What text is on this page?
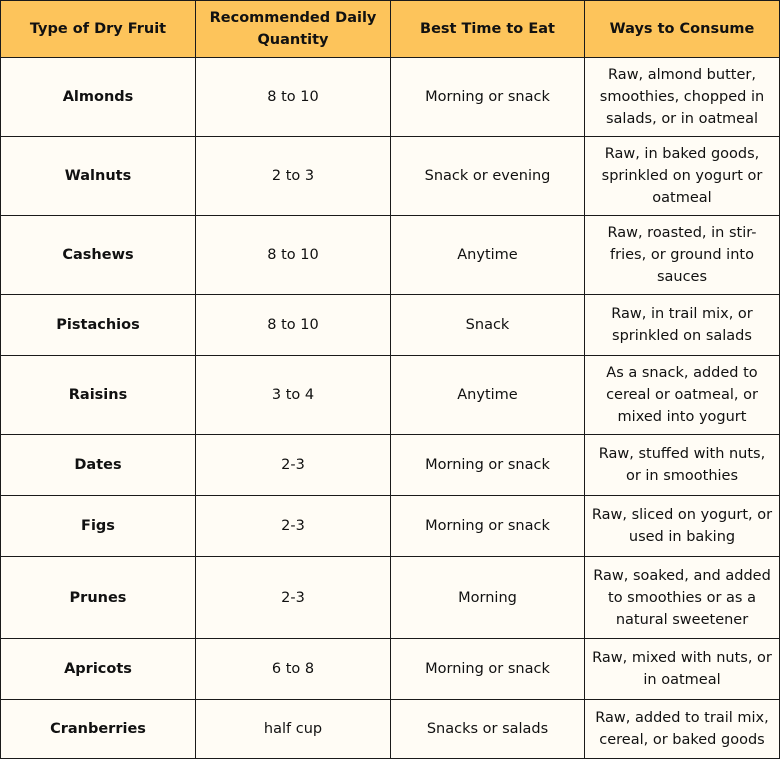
Type of Dry Fruit	Recommended Daily Quantity	Best Time to Eat	Ways to Consume
Almonds	8 to 10	Morning or snack	Raw, almond butter, smoothies, chopped in salads, or in oatmeal
Walnuts	2 to 3	Snack or evening	Raw, in baked goods, sprinkled on yogurt or oatmeal
Cashews	8 to 10	Anytime	Raw, roasted, in stir-fries, or ground into sauces
Pistachios	8 to 10	Snack	Raw, in trail mix, or sprinkled on salads
Raisins	3 to 4	Anytime	As a snack, added to cereal or oatmeal, or mixed into yogurt
Dates	2-3	Morning or snack	Raw, stuffed with nuts, or in smoothies
Figs	2-3	Morning or snack	Raw, sliced on yogurt, or used in baking
Prunes	2-3	Morning	Raw, soaked, and added to smoothies or as a natural sweetener
Apricots	6 to 8	Morning or snack	Raw, mixed with nuts, or in oatmeal
Cranberries	half cup	Snacks or salads	Raw, added to trail mix, cereal, or baked goods
